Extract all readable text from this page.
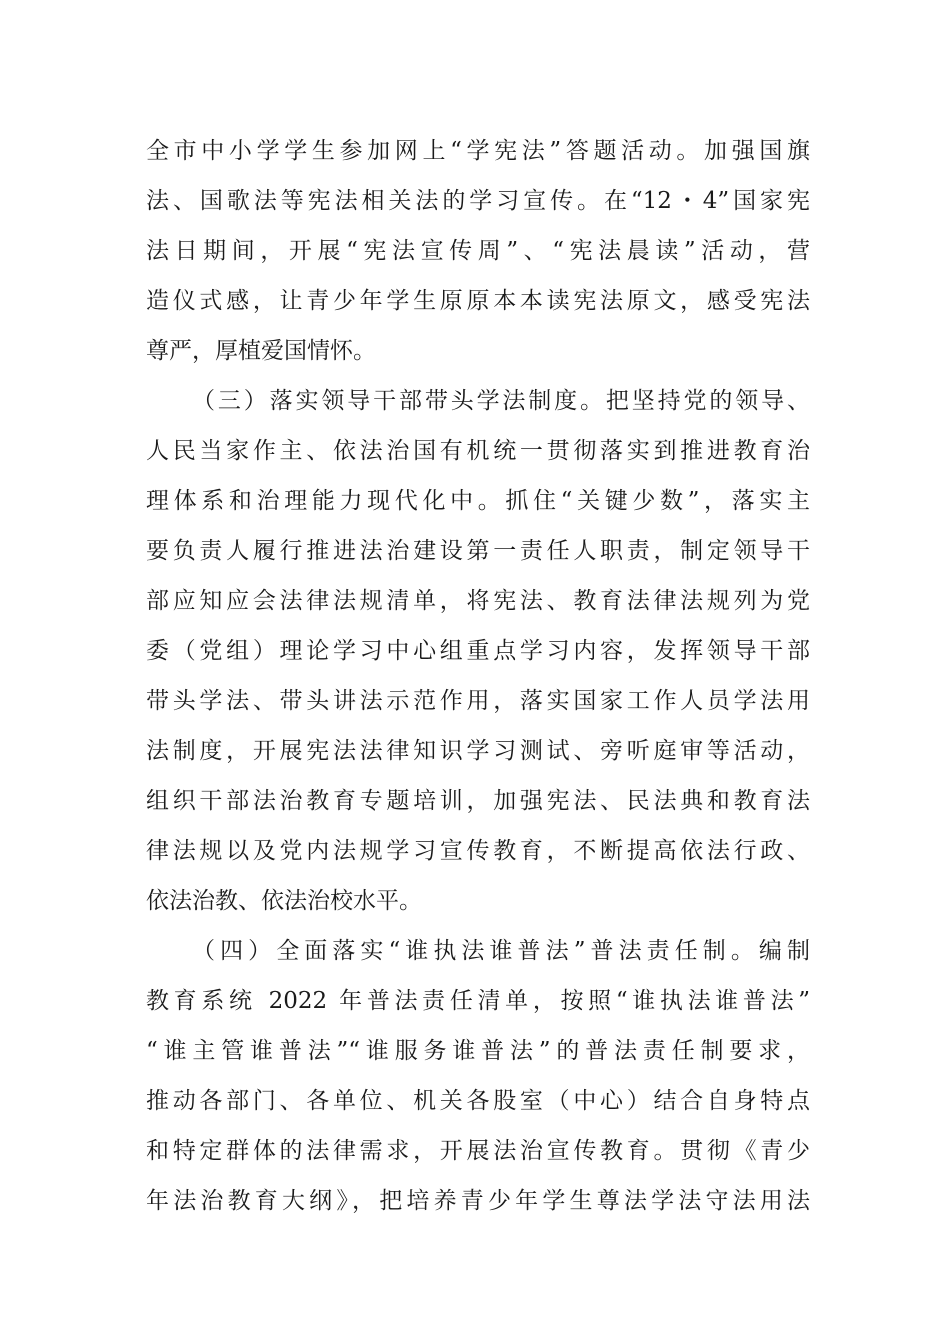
全市中小学学生参加网上“学宪法”答题活动。加强国旗
法、国歌法等宪法相关法的学习宣传。在“12・4”国家宪
法日期间，开展“宪法宣传周”、“宪法晨读”活动，营
造仪式感，让青少年学生原原本本读宪法原文，感受宪法
尊严，厚植爱国情怀。
（三）落实领导干部带头学法制度。把坚持党的领导、
人民当家作主、依法治国有机统一贯彻落实到推进教育治
理体系和治理能力现代化中。抓住“关键少数”，落实主
要负责人履行推进法治建设第一责任人职责，制定领导干
部应知应会法律法规清单，将宪法、教育法律法规列为党
委（党组）理论学习中心组重点学习内容，发挥领导干部
带头学法、带头讲法示范作用，落实国家工作人员学法用
法制度，开展宪法法律知识学习测试、旁听庭审等活动，
组织干部法治教育专题培训，加强宪法、民法典和教育法
律法规以及党内法规学习宣传教育，不断提高依法行政、
依法治教、依法治校水平。
（四）全面落实“谁执法谁普法”普法责任制。编制
教育系统 2022 年普法责任清单，按照“谁执法谁普法”
“谁主管谁普法”“谁服务谁普法”的普法责任制要求，
推动各部门、各单位、机关各股室（中心）结合自身特点
和特定群体的法律需求，开展法治宣传教育。贯彻《青少
年法治教育大纲》，把培养青少年学生尊法学法守法用法
